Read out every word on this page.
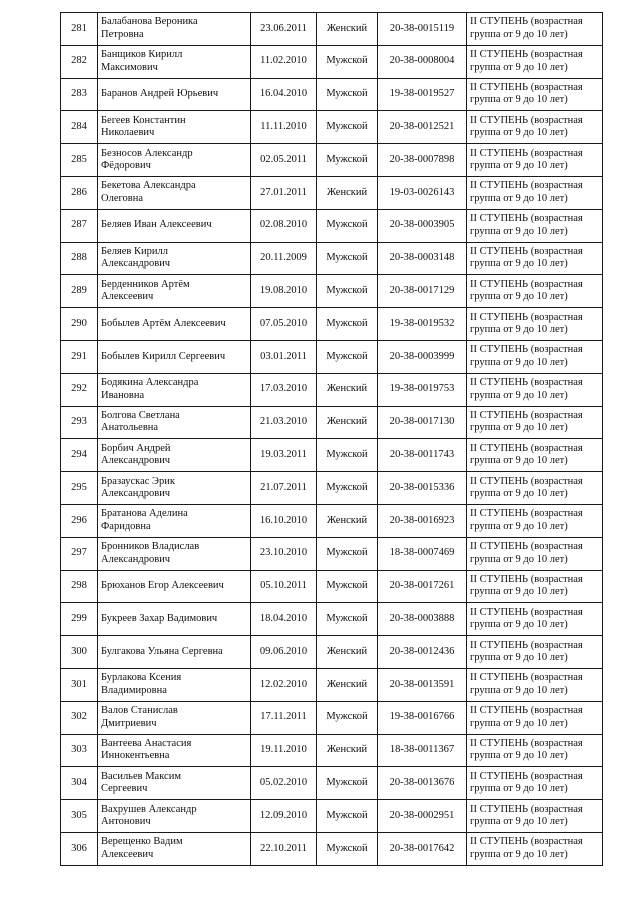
281	Балабанова Вероника
Петровна	23.06.2011	Женский	20-38-0015119	II СТУПЕНЬ (возрастная
группа от 9 до 10 лет)
282	Банщиков Кирилл
Максимович	11.02.2010	Мужской	20-38-0008004	II СТУПЕНЬ (возрастная
группа от 9 до 10 лет)
283	Баранов Андрей Юрьевич	16.04.2010	Мужской	19-38-0019527	II СТУПЕНЬ (возрастная
группа от 9 до 10 лет)
284	Бегеев Константин
Николаевич	11.11.2010	Мужской	20-38-0012521	II СТУПЕНЬ (возрастная
группа от 9 до 10 лет)
285	Безносов Александр
Фёдорович	02.05.2011	Мужской	20-38-0007898	II СТУПЕНЬ (возрастная
группа от 9 до 10 лет)
286	Бекетова Александра
Олеговна	27.01.2011	Женский	19-03-0026143	II СТУПЕНЬ (возрастная
группа от 9 до 10 лет)
287	Беляев Иван Алексеевич	02.08.2010	Мужской	20-38-0003905	II СТУПЕНЬ (возрастная
группа от 9 до 10 лет)
288	Беляев Кирилл
Александрович	20.11.2009	Мужской	20-38-0003148	II СТУПЕНЬ (возрастная
группа от 9 до 10 лет)
289	Берденников Артём
Алексеевич	19.08.2010	Мужской	20-38-0017129	II СТУПЕНЬ (возрастная
группа от 9 до 10 лет)
290	Бобылев Артём Алексеевич	07.05.2010	Мужской	19-38-0019532	II СТУПЕНЬ (возрастная
группа от 9 до 10 лет)
291	Бобылев Кирилл Сергеевич	03.01.2011	Мужской	20-38-0003999	II СТУПЕНЬ (возрастная
группа от 9 до 10 лет)
292	Бодякина Александра
Ивановна	17.03.2010	Женский	19-38-0019753	II СТУПЕНЬ (возрастная
группа от 9 до 10 лет)
293	Болгова Светлана
Анатольевна	21.03.2010	Женский	20-38-0017130	II СТУПЕНЬ (возрастная
группа от 9 до 10 лет)
294	Борбич Андрей
Александрович	19.03.2011	Мужской	20-38-0011743	II СТУПЕНЬ (возрастная
группа от 9 до 10 лет)
295	Бразаускас Эрик
Александрович	21.07.2011	Мужской	20-38-0015336	II СТУПЕНЬ (возрастная
группа от 9 до 10 лет)
296	Братанова Аделина
Фаридовна	16.10.2010	Женский	20-38-0016923	II СТУПЕНЬ (возрастная
группа от 9 до 10 лет)
297	Бронников Владислав
Александрович	23.10.2010	Мужской	18-38-0007469	II СТУПЕНЬ (возрастная
группа от 9 до 10 лет)
298	Брюханов Егор Алексеевич	05.10.2011	Мужской	20-38-0017261	II СТУПЕНЬ (возрастная
группа от 9 до 10 лет)
299	Букреев Захар Вадимович	18.04.2010	Мужской	20-38-0003888	II СТУПЕНЬ (возрастная
группа от 9 до 10 лет)
300	Булгакова Ульяна Сергевна	09.06.2010	Женский	20-38-0012436	II СТУПЕНЬ (возрастная
группа от 9 до 10 лет)
301	Бурлакова Ксения
Владимировна	12.02.2010	Женский	20-38-0013591	II СТУПЕНЬ (возрастная
группа от 9 до 10 лет)
302	Валов Станислав
Дмитриевич	17.11.2011	Мужской	19-38-0016766	II СТУПЕНЬ (возрастная
группа от 9 до 10 лет)
303	Вантеева Анастасия
Иннокентьевна	19.11.2010	Женский	18-38-0011367	II СТУПЕНЬ (возрастная
группа от 9 до 10 лет)
304	Васильев Максим
Сергеевич	05.02.2010	Мужской	20-38-0013676	II СТУПЕНЬ (возрастная
группа от 9 до 10 лет)
305	Вахрушев Александр
Антонович	12.09.2010	Мужской	20-38-0002951	II СТУПЕНЬ (возрастная
группа от 9 до 10 лет)
306	Верещенко Вадим
Алексеевич	22.10.2011	Мужской	20-38-0017642	II СТУПЕНЬ (возрастная
группа от 9 до 10 лет)
